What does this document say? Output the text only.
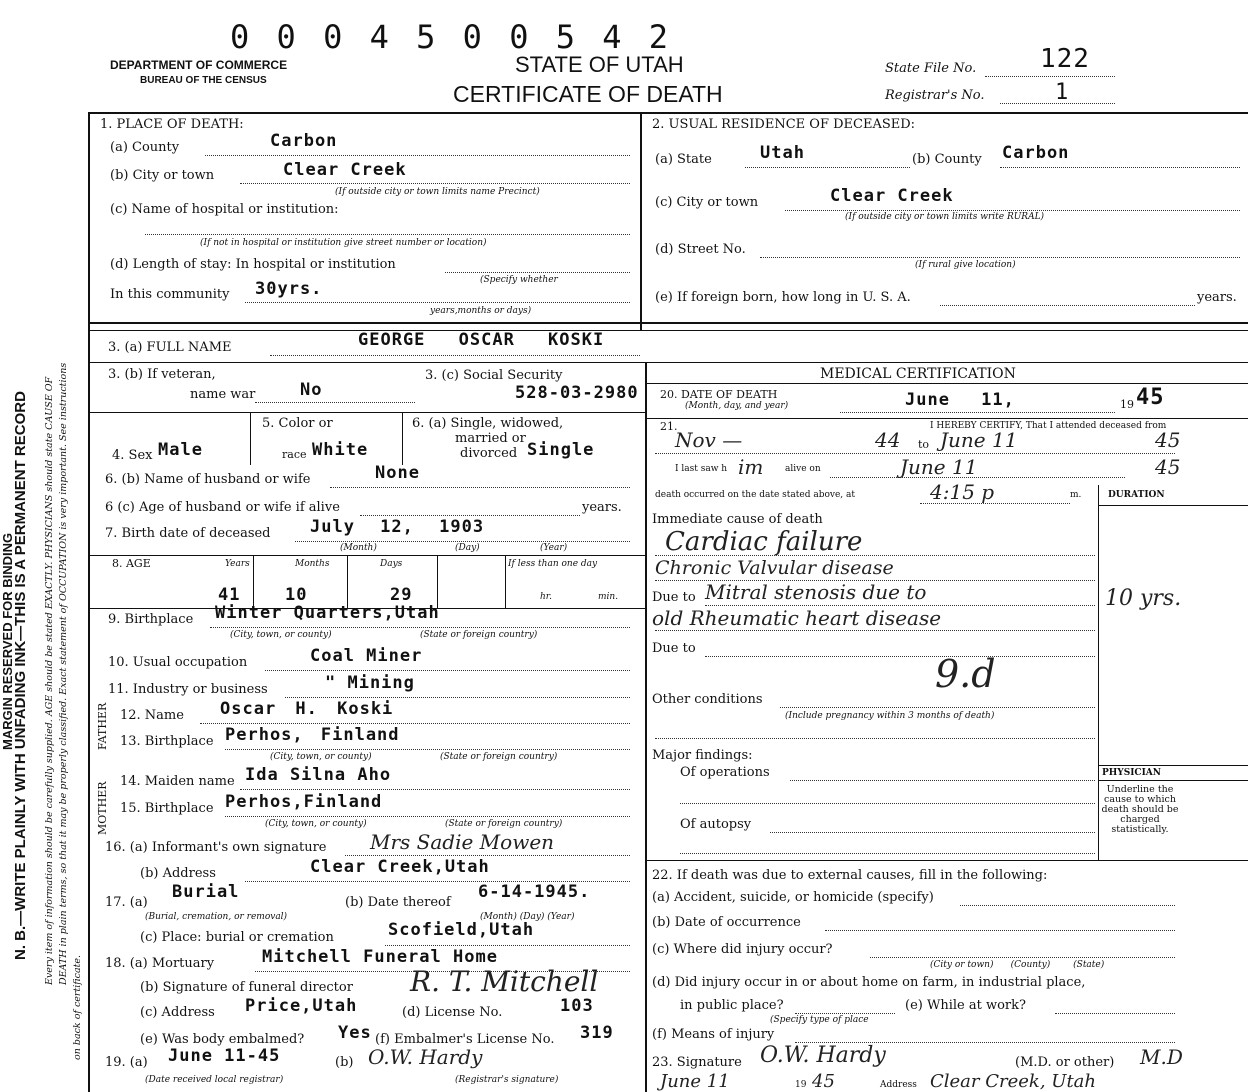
0 0 0 4 5 0 0 5 4 2
DEPARTMENT OF COMMERCE
BUREAU OF THE CENSUS
STATE OF UTAH
CERTIFICATE OF DEATH
State File No. 122
Registrar's No.	1
MARGIN RESERVED FOR BINDING
N. B.—WRITE PLAINLY WITH UNFADING INK—THIS IS A PERMANENT RECORD Every item of information should be carefully supplied. AGE should be stated EXACTLY. PHYSICIANS should state CAUSE OF DEATH in plain terms, so that it may be properly classified. Exact statement of OCCUPATION is very important. See instructions
on back of certificate.
1. PLACE OF DEATH:
(a) County	Carbon
(b) City or town	Clear Creek
(If outside city or town limits name Precinct)
(c) Name of hospital or institution:
(If not in hospital or institution give street number or location)
(d) Length of stay: In hospital or institution
(Specify whether
In this community 30yrs.
years,months or days)
2. USUAL RESIDENCE OF DECEASED:
(a) State	Utah	(b) County Carbon
(c) City or town	Clear Creek
(If outside city or town limits write RURAL)
(d) Street No.
(If rural give location)
(e) If foreign born, how long in U. S. A.	years.
3. (a) FULL NAME	GEORGE OSCAR KOSKI
3. (b) If veteran,
name war	No
3. (c) Social Security
528-03-2980
4. Sex Male
5. Color or
race White
6. (a) Single, widowed,
married or
divorced Single
6. (b) Name of husband or wife	None
6 (c) Age of husband or wife if alive	years.
7. Birth date of deceased July 12, 1903
(Month)	(Day)	(Year)
8. AGE	Years	Months	Days	If less than one day
41	10	29	hr.	min.
9. Birthplace Winter Quarters,Utah
(City, town, or county)	(State or foreign country)
10. Usual occupation	Coal Miner
11. Industry or business	" Mining
FATHER 12. Name Oscar H. Koski
13. Birthplace Perhos, Finland
(City, town, or county)	(State or foreign country)
MOTHER 14. Maiden name Ida Silna Aho
15. Birthplace Perhos,Finland
(City, town, or county)	(State or foreign country)
16. (a) Informant's own signature Mrs Sadie Mowen
(b) Address	Clear Creek,Utah
17. (a)
Burial
(Burial, cremation, or removal)
(b) Date thereof
6-14-1945.
(Month) (Day) (Year)
(c) Place: burial or cremation	Scofield,Utah
18. (a) Mortuary	Mitchell Funeral Home
(b) Signature of funeral director R. T. Mitchell
(c) Address Price,Utah	(d) License No.	103
(e) Was body embalmed? Yes (f) Embalmer's License No. 319
19. (a) June 11-45
(Date received local registrar)
(b) O.W. Hardy
(Registrar's signature)
MEDICAL CERTIFICATION
20. DATE OF DEATH
(Month, day, and year)	June 11,	19 45
21.	I HEREBY CERTIFY, That I attended deceased from
Nov —	44 to June 11	45
I last saw h im alive on	June 11	45
death occurred on the date stated above, at	4:15 p	m.	DURATION
Immediate cause of death
Cardiac failure
Chronic Valvular disease
Due to Mitral stenosis due to	10 yrs.
old Rheumatic heart disease
Due to
9.d
Other conditions
(Include pregnancy within 3 months of death)
Major findings:
Of operations
Of autopsy
PHYSICIAN
Underline the cause to which death should be charged statistically.
22. If death was due to external causes, fill in the following:
(a) Accident, suicide, or homicide (specify)
(b) Date of occurrence
(c) Where did injury occur?
(City or town)      (County)        (State)
(d) Did injury occur in or about home on farm, in industrial place,
in public place?
(Specify type of place
(e) While at work?
(f) Means of injury
23. Signature O.W. Hardy	(M.D. or other) M.D
June 11	19 45	Address Clear Creek, Utah
